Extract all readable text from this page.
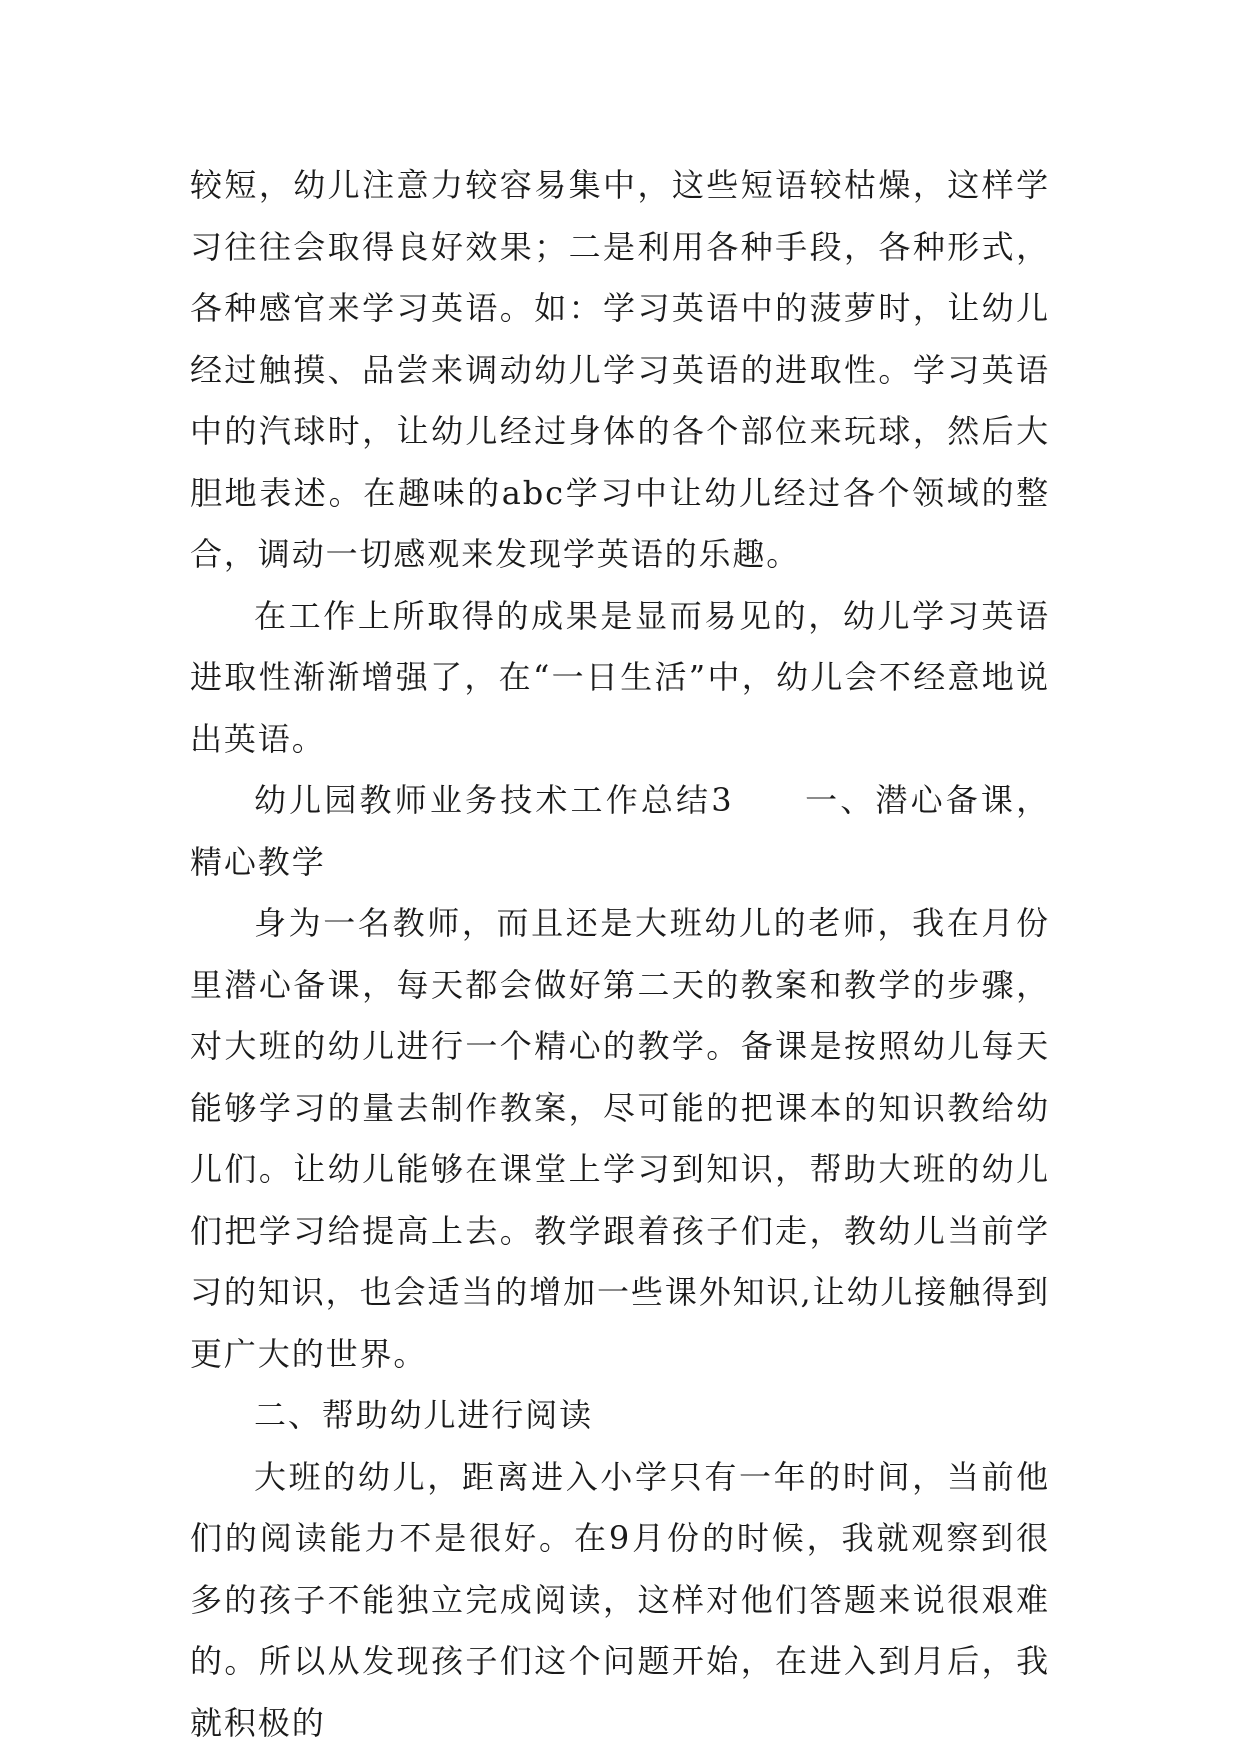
较短，幼儿注意力较容易集中，这些短语较枯燥，这样学习往往会取得良好效果；二是利用各种手段，各种形式，各种感官来学习英语。如：学习英语中的菠萝时，让幼儿经过触摸、品尝来调动幼儿学习英语的进取性。学习英语中的汽球时，让幼儿经过身体的各个部位来玩球，然后大胆地表述。在趣味的abc学习中让幼儿经过各个领域的整合，调动一切感观来发现学英语的乐趣。

在工作上所取得的成果是显而易见的，幼儿学习英语进取性渐渐增强了，在“一日生活”中，幼儿会不经意地说出英语。

幼儿园教师业务技术工作总结3　　一、潜心备课，精心教学

身为一名教师，而且还是大班幼儿的老师，我在月份里潜心备课，每天都会做好第二天的教案和教学的步骤，对大班的幼儿进行一个精心的教学。备课是按照幼儿每天能够学习的量去制作教案，尽可能的把课本的知识教给幼儿们。让幼儿能够在课堂上学习到知识，帮助大班的幼儿们把学习给提高上去。教学跟着孩子们走，教幼儿当前学习的知识，也会适当的增加一些课外知识,让幼儿接触得到更广大的世界。

二、帮助幼儿进行阅读

大班的幼儿，距离进入小学只有一年的时间，当前他们的阅读能力不是很好。在9月份的时候，我就观察到很多的孩子不能独立完成阅读，这样对他们答题来说很艰难的。所以从发现孩子们这个问题开始，在进入到月后，我就积极的
